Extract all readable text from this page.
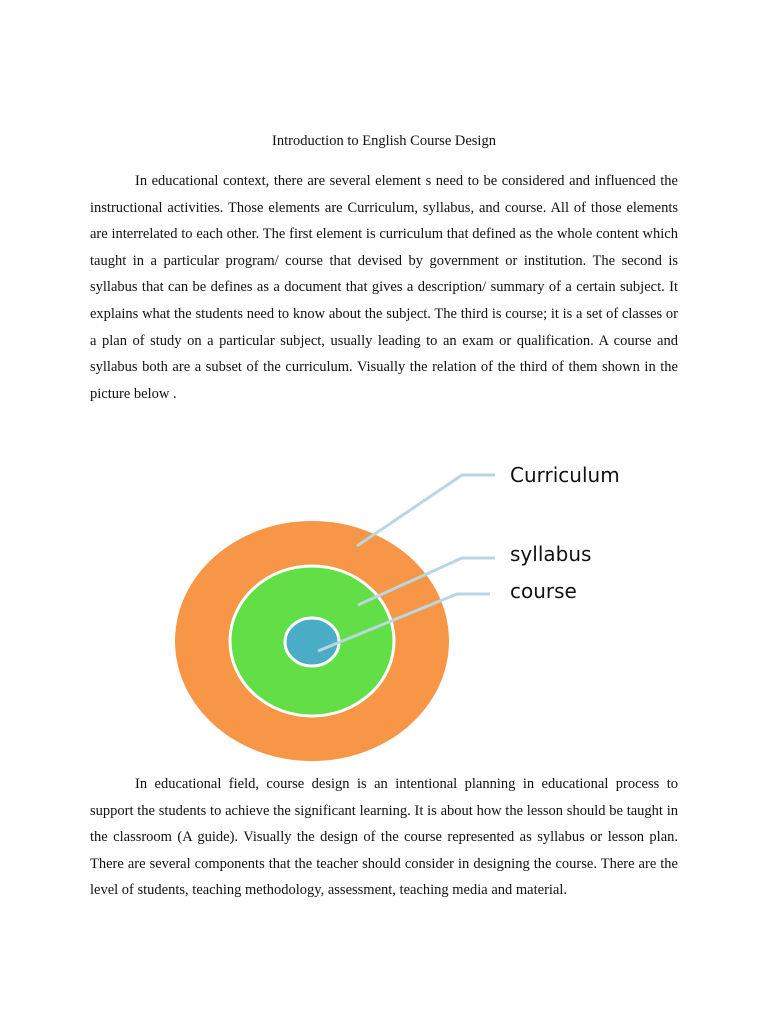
Introduction to English Course Design

In educational context, there are several element s need to be considered and influenced the instructional activities. Those elements are Curriculum, syllabus, and course. All of those elements are interrelated to each other. The first element is curriculum that defined as the whole content which taught in a particular program/ course that devised by government or institution. The second is syllabus that can be defines as a document that gives a description/ summary of a certain subject. It explains what the students need to know about the subject. The third is course; it is a set of classes or a plan of study on a particular subject, usually leading to an exam or qualification. A course and syllabus both are a subset of the curriculum. Visually the relation of the third of them shown in the picture below .

Curriculum
syllabus
course

In educational field, course design is an intentional planning in educational process to support the students to achieve the significant learning. It is about how the lesson should be taught in the classroom (A guide). Visually the design of the course represented as syllabus or lesson plan. There are several components that the teacher should consider in designing the course. There are the level of students, teaching methodology, assessment, teaching media and material.
